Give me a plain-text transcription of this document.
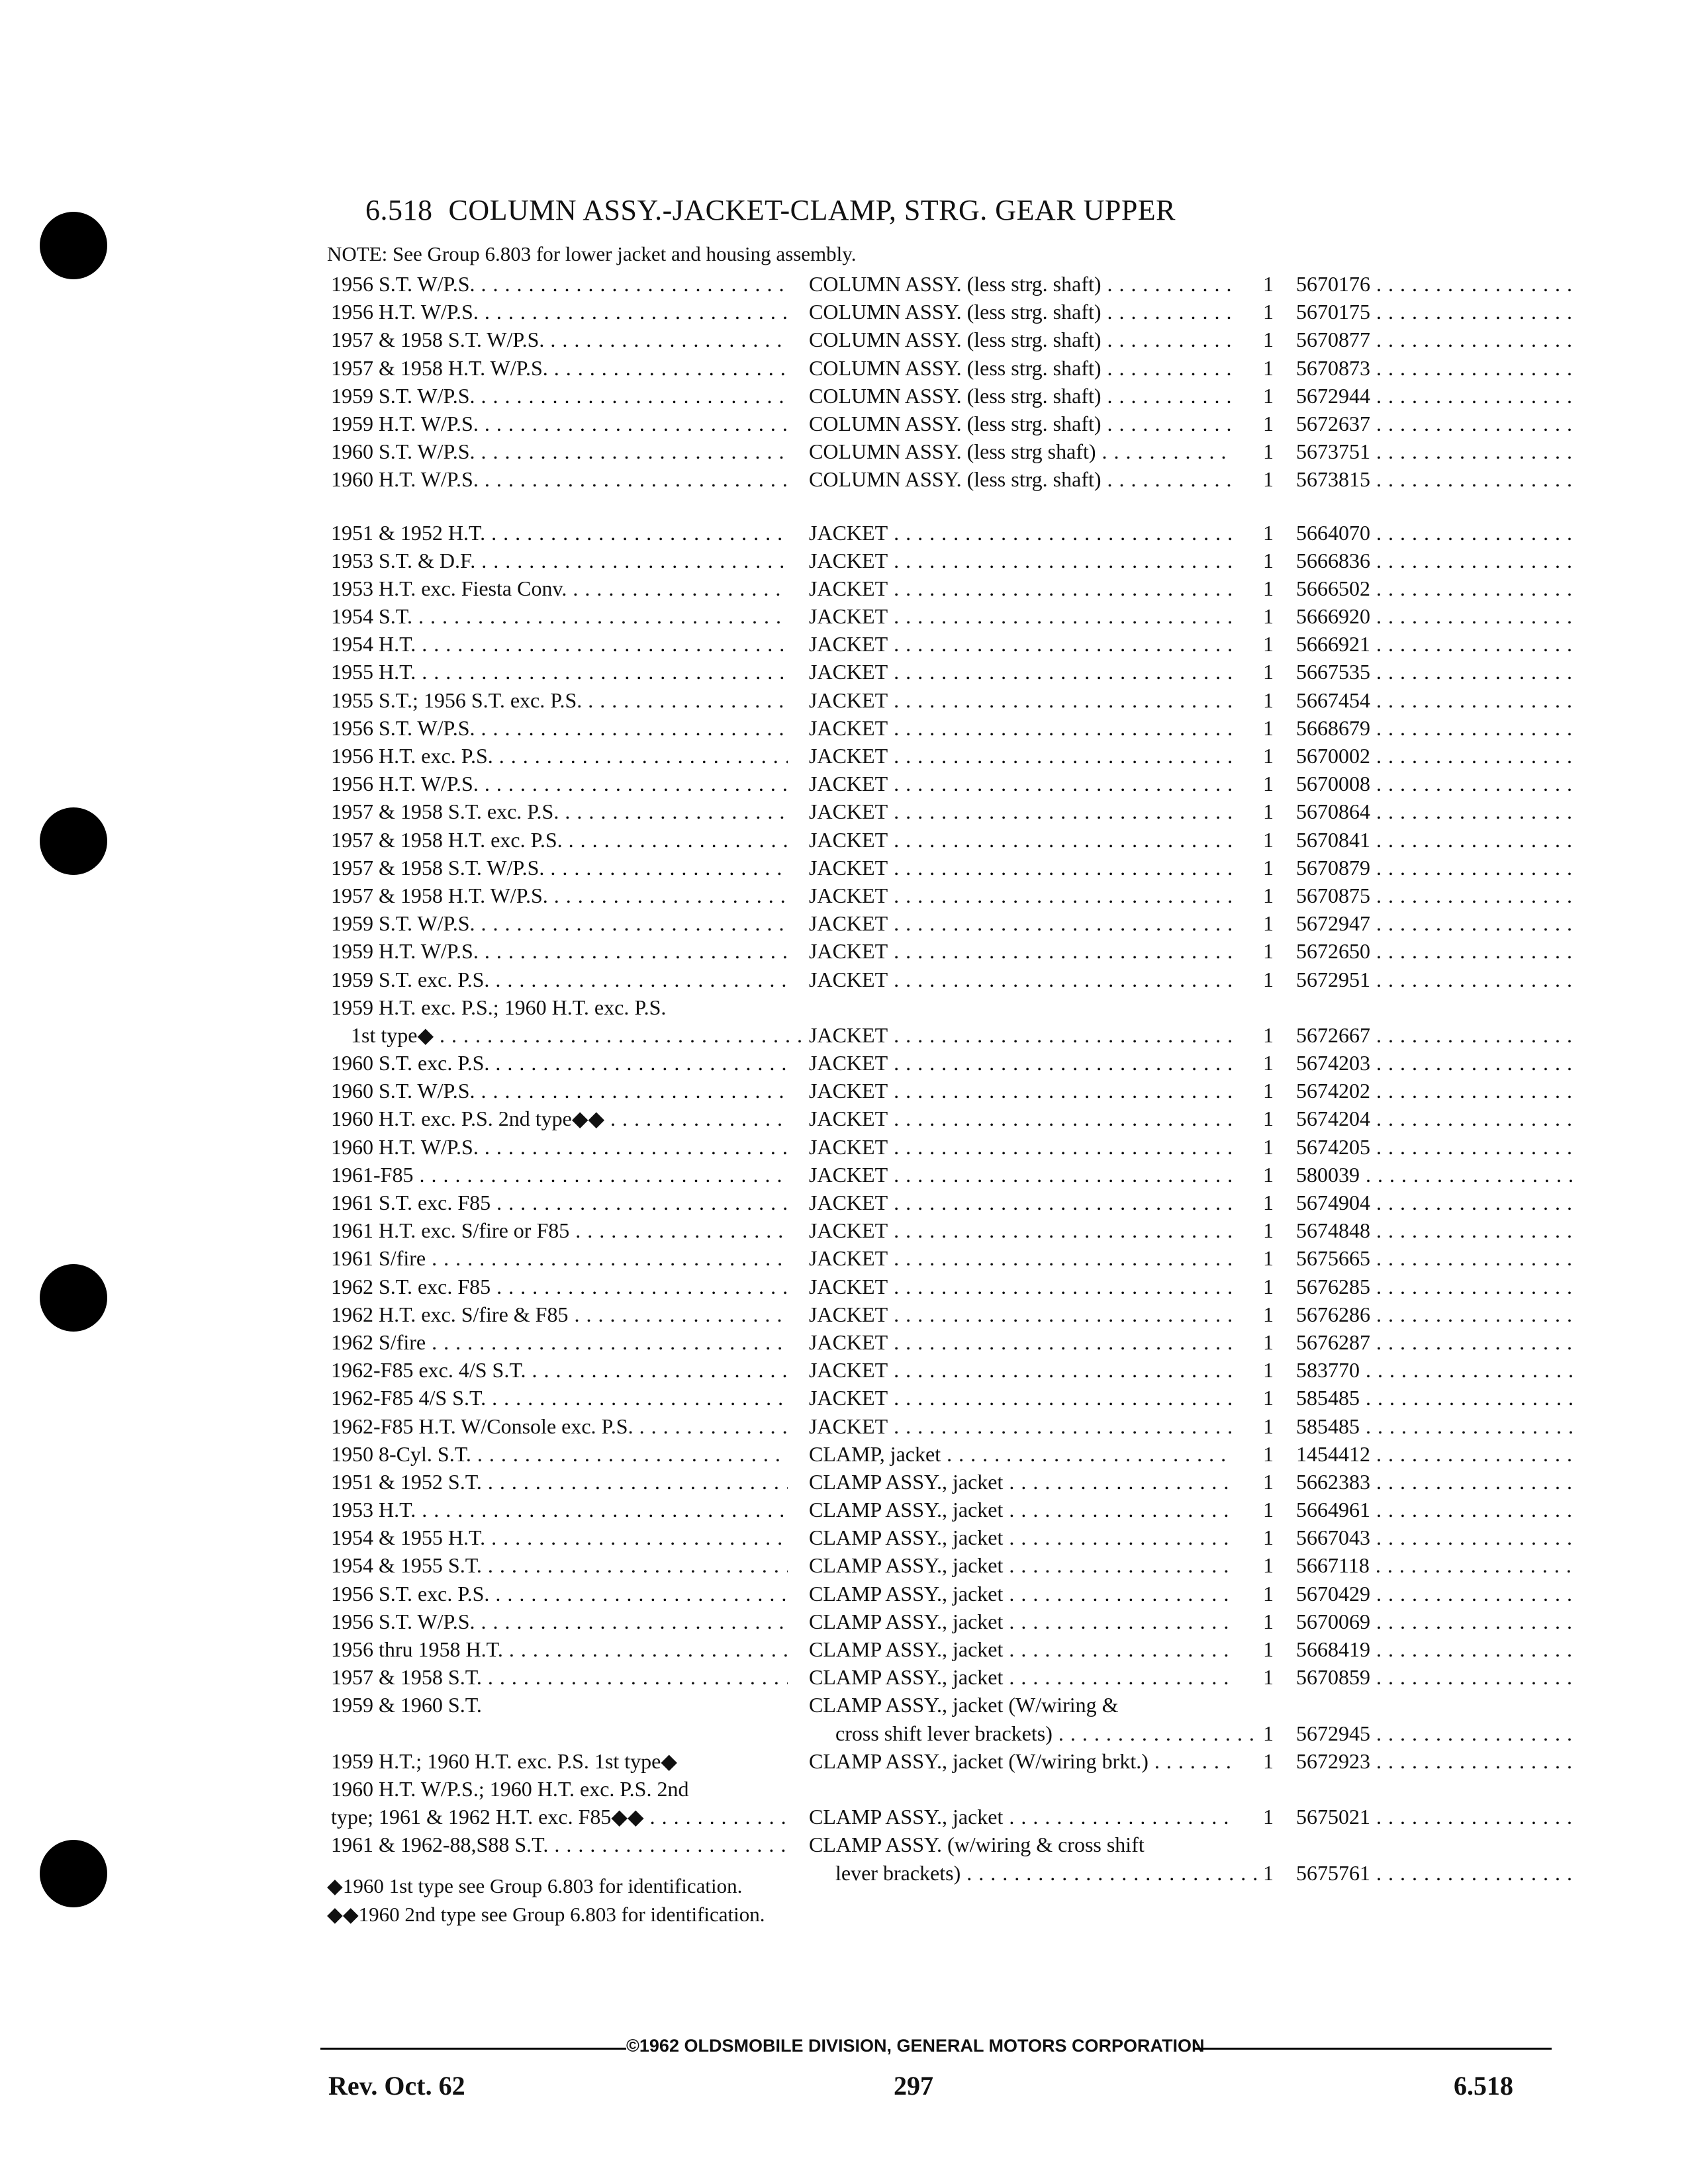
6.518 COLUMN ASSY.-JACKET-CLAMP, STRG. GEAR UPPER
NOTE: See Group 6.803 for lower jacket and housing assembly.
1956 S.T. W/P.S. . . .	COLUMN ASSY. (less strg. shaft) . . .	1 5670176 . . .
1956 H.T. W/P.S. . . .	COLUMN ASSY. (less strg. shaft) . . .	1 5670175 . . .
1957 & 1958 S.T. W/P.S. . . .	COLUMN ASSY. (less strg. shaft) . . .	1 5670877 . . .
1957 & 1958 H.T. W/P.S. . . .	COLUMN ASSY. (less strg. shaft) . . .	1 5670873 . . .
1959 S.T. W/P.S. . . .	COLUMN ASSY. (less strg. shaft) . . .	1 5672944 . . .
1959 H.T. W/P.S. . . .	COLUMN ASSY. (less strg. shaft) . . .	1 5672637 . . .
1960 S.T. W/P.S. . . .	COLUMN ASSY. (less strg shaft) . . .	1 5673751 . . .
1960 H.T. W/P.S. . . .	COLUMN ASSY. (less strg. shaft) . . .	1 5673815 . . .
1951 & 1952 H.T. . . .	JACKET . . .	1 5664070 . . .
1953 S.T. & D.F. . . .	JACKET . . .	1 5666836 . . .
1953 H.T. exc. Fiesta Conv. . . .	JACKET . . .	1 5666502 . . .
1954 S.T. . . .	JACKET . . .	1 5666920 . . .
1954 H.T. . . .	JACKET . . .	1 5666921 . . .
1955 H.T. . . .	JACKET . . .	1 5667535 . . .
1955 S.T.; 1956 S.T. exc. P.S. . . .	JACKET . . .	1 5667454 . . .
1956 S.T. W/P.S. . . .	JACKET . . .	1 5668679 . . .
1956 H.T. exc. P.S. . . .	JACKET . . .	1 5670002 . . .
1956 H.T. W/P.S. . . .	JACKET . . .	1 5670008 . . .
1957 & 1958 S.T. exc. P.S. . . .	JACKET . . .	1 5670864 . . .
1957 & 1958 H.T. exc. P.S. . . .	JACKET . . .	1 5670841 . . .
1957 & 1958 S.T. W/P.S. . . .	JACKET . . .	1 5670879 . . .
1957 & 1958 H.T. W/P.S. . . .	JACKET . . .	1 5670875 . . .
1959 S.T. W/P.S. . . .	JACKET . . .	1 5672947 . . .
1959 H.T. W/P.S. . . .	JACKET . . .	1 5672650 . . .
1959 S.T. exc. P.S. . . .	JACKET . . .	1 5672951 . . .
1959 H.T. exc. P.S.; 1960 H.T. exc. P.S.
1st type◆ . . .	JACKET . . .	1 5672667 . . .
1960 S.T. exc. P.S. . . .	JACKET . . .	1 5674203 . . .
1960 S.T. W/P.S. . . .	JACKET . . .	1 5674202 . . .
1960 H.T. exc. P.S. 2nd type◆◆ . . .	JACKET . . .	1 5674204 . . .
1960 H.T. W/P.S. . . .	JACKET . . .	1 5674205 . . .
1961-F85 . . .	JACKET . . .	1 580039 . . .
1961 S.T. exc. F85 . . .	JACKET . . .	1 5674904 . . .
1961 H.T. exc. S/fire or F85 . . .	JACKET . . .	1 5674848 . . .
1961 S/fire . . .	JACKET . . .	1 5675665 . . .
1962 S.T. exc. F85 . . .	JACKET . . .	1 5676285 . . .
1962 H.T. exc. S/fire & F85 . . .	JACKET . . .	1 5676286 . . .
1962 S/fire . . .	JACKET . . .	1 5676287 . . .
1962-F85 exc. 4/S S.T. . . .	JACKET . . .	1 583770 . . .
1962-F85 4/S S.T. . . .	JACKET . . .	1 585485 . . .
1962-F85 H.T. W/Console exc. P.S. . . .	JACKET . . .	1 585485 . . .
1950 8-Cyl. S.T. . . .	CLAMP, jacket . . .	1 1454412 . . .
1951 & 1952 S.T. . . .	CLAMP ASSY., jacket . . .	1 5662383 . . .
1953 H.T. . . .	CLAMP ASSY., jacket . . .	1 5664961 . . .
1954 & 1955 H.T. . . .	CLAMP ASSY., jacket . . .	1 5667043 . . .
1954 & 1955 S.T. . . .	CLAMP ASSY., jacket . . .	1 5667118 . . .
1956 S.T. exc. P.S. . . .	CLAMP ASSY., jacket . . .	1 5670429 . . .
1956 S.T. W/P.S. . . .	CLAMP ASSY., jacket . . .	1 5670069 . . .
1956 thru 1958 H.T. . . .	CLAMP ASSY., jacket . . .	1 5668419 . . .
1957 & 1958 S.T. . . .	CLAMP ASSY., jacket . . .	1 5670859 . . .
1959 & 1960 S.T.	CLAMP ASSY., jacket (W/wiring &
cross shift lever brackets) . . .	1 5672945 . . .
1959 H.T.; 1960 H.T. exc. P.S. 1st type◆	CLAMP ASSY., jacket (W/wiring brkt.) . . .	1 5672923 . . .
1960 H.T. W/P.S.; 1960 H.T. exc. P.S. 2nd
type; 1961 & 1962 H.T. exc. F85◆◆ . . .	CLAMP ASSY., jacket . . .	1 5675021 . . .
1961 & 1962-88,S88 S.T. . . .	CLAMP ASSY. (w/wiring & cross shift
lever brackets) . . .	1 5675761 . . .
◆1960 1st type see Group 6.803 for identification.
◆◆1960 2nd type see Group 6.803 for identification.
©1962 OLDSMOBILE DIVISION, GENERAL MOTORS CORPORATION
Rev. Oct. 62	297	6.518
